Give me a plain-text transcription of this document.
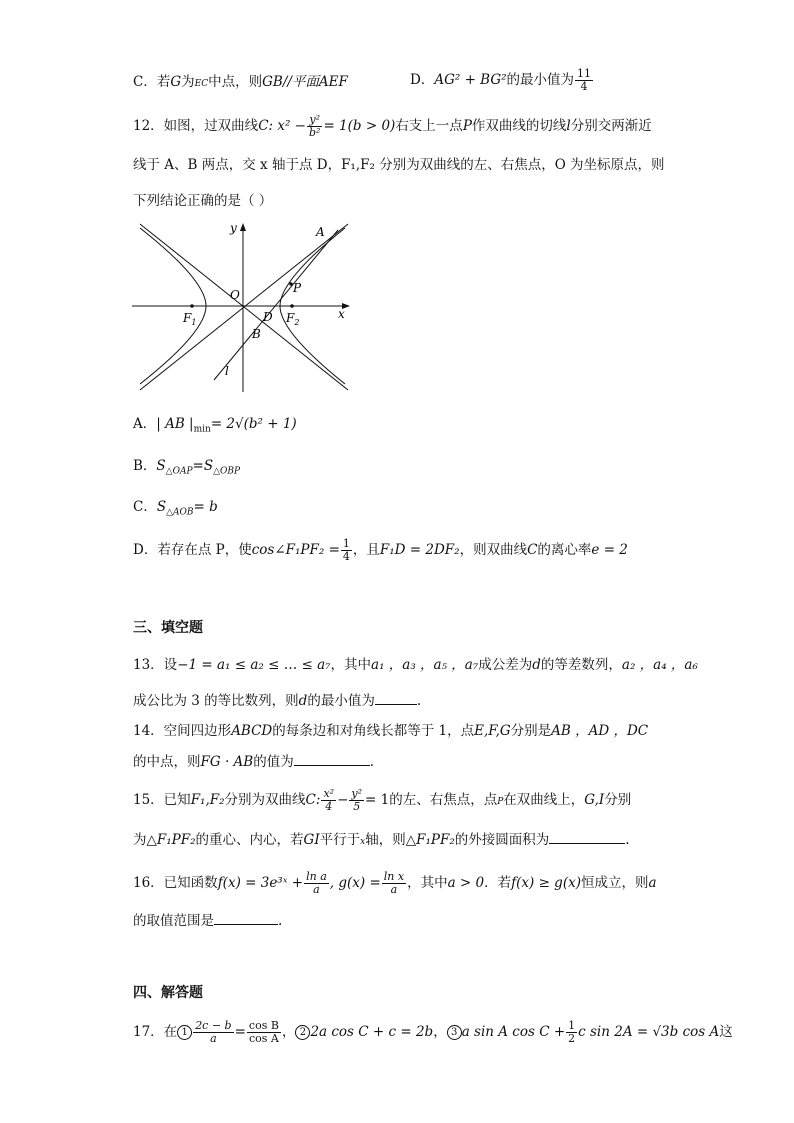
C．若G为EC中点，则GB//平面AEF	D．AG² + BG²的最小值为 $\frac{11}{4}$
12．如图，过双曲线C: $x^2 - \frac{\text{y²}}{\text{b²}} = 1(b > 0)$右支上一点P作双曲线的切线l分别交两渐近
线于 A、B 两点，交 x 轴于点 D，F₁,F₂ 分别为双曲线的左、右焦点，O 为坐标原点，则
下列结论正确的是（ ）
y
x
A
P
O
D
B
$F_1$	$F_2$
l
A．| AB $|_{min}= 2√(b^2 + 1)$
B．$S_{\triangle OAP}=S_{\triangle OBP}$
C．$S_{\triangle AOB}= b$
D．若存在点 P，使cos∠F₁PF₂ = $\frac{1}{4}$ ，且F₁D = 2DF₂，则双曲线C的离心率e = 2
三、填空题
13．设−1 = a₁ ≤ a₂ ≤ … ≤ a₇，其中a₁ ，a₃ ，a₅ ，a₇成公差为d的等差数列，a₂ ，a₄ ，a₆
成公比为 3 的等比数列，则d的最小值为	.
14．空间四边形ABCD的每条边和对角线长都等于 1，点E,F,G分别是AB ，AD ，DC
的中点，则FG · AB的值为	.
15．已知F₁,F₂分别为双曲线C: $\frac{\text{x²}}{4} - \frac{\text{y²}}{5} = 1$的左、右焦点，点P在双曲线上，G,I分别
为△F₁PF₂的重心、内心，若GI平行于x轴，则△F₁PF₂的外接圆面积为	.
16．已知函数f(x) = 3e³ˣ + $\frac{\text{ln a}}{a}$ , $g(x) = \frac{\text{ln x}}{a}$ ，其中a > 0．若f(x) ≥ g(x)恒成立，则a
的取值范围是	.
四、解答题
17．在 $1 \frac{2c - b}{a} = \frac{\text{cos B}}{\text{cos A}}$ ， 2 2a cos C + c = 2b， 3 a sin A $\cos C + \frac{1}{2}$ c sin 2A = √3b cos A这
